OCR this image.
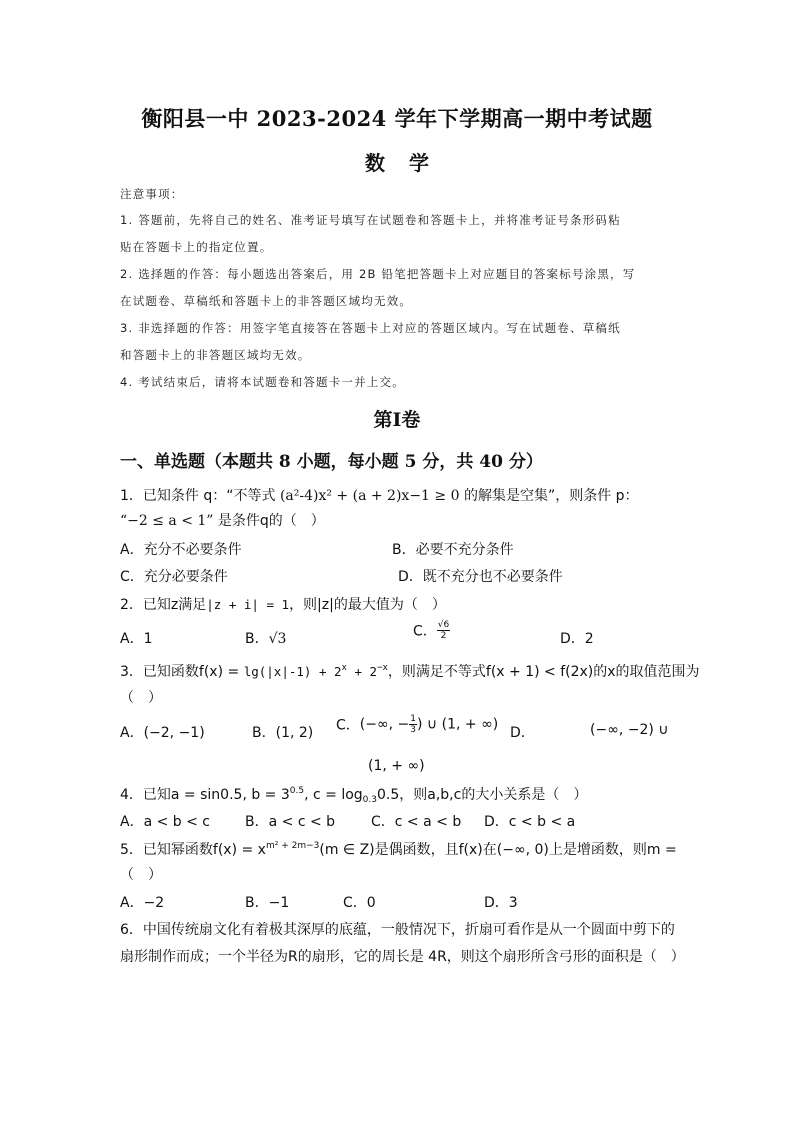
衡阳县一中 2023-2024 学年下学期高一期中考试题
数学
注意事项：
1. 答题前，先将自己的姓名、准考证号填写在试题卷和答题卡上，并将准考证号条形码粘
贴在答题卡上的指定位置。
2. 选择题的作答：每小题选出答案后，用 2B 铅笔把答题卡上对应题目的答案标号涂黑，写
在试题卷、草稿纸和答题卡上的非答题区域均无效。
3. 非选择题的作答：用签字笔直接答在答题卡上对应的答题区域内。写在试题卷、草稿纸
和答题卡上的非答题区域均无效。
4. 考试结束后，请将本试题卷和答题卡一并上交。
第Ⅰ卷
一、单选题（本题共 8 小题，每小题 5 分，共 40 分）
1．已知条件 q：“不等式 (a²-4)x² + (a + 2)x−1 ≥ 0 的解集是空集”，则条件 p：
“−2 ≤ a < 1” 是条件q的（　）
A．充分不必要条件	B．必要不充分条件
C．充分必要条件	D．既不充分也不必要条件
2．已知z满足|z + i| = 1，则|z|的最大值为（　）
A．1	B．√3	C． $\frac{√6}{2}$	D．2
3．已知函数$f(x) = \lg(|x|-1) + 2^x + 2^{-x}$，则满足不等式f(x + 1) < f(2x)的x的取值范围为
（　）
A．(−2, −1)	B．(1, 2) C．(−∞, − $\frac{1}{3}$ ) ∪ (1, + ∞)
D．	(−∞, −2) ∪
(1, + ∞)
4．已知a = sin0.5, $b = 3^{0.5}$, $c = \log_{0.3}0.5$，则a,b,c的大小关系是（　）
A．a < b < c B．a < c < b	C．c < a < b D．c < b < a
5．已知幂函数$f(x) = x^{m^2 + 2m-3}(m$ ∈ Z)是偶函数，且f(x)在(−∞, 0)上是增函数，则m =
（　）
A．−2	B．−1	C．0	D．3
6．中国传统扇文化有着极其深厚的底蕴，一般情况下，折扇可看作是从一个圆面中剪下的
扇形制作而成；一个半径为R的扇形，它的周长是 4R，则这个扇形所含弓形的面积是（　）
